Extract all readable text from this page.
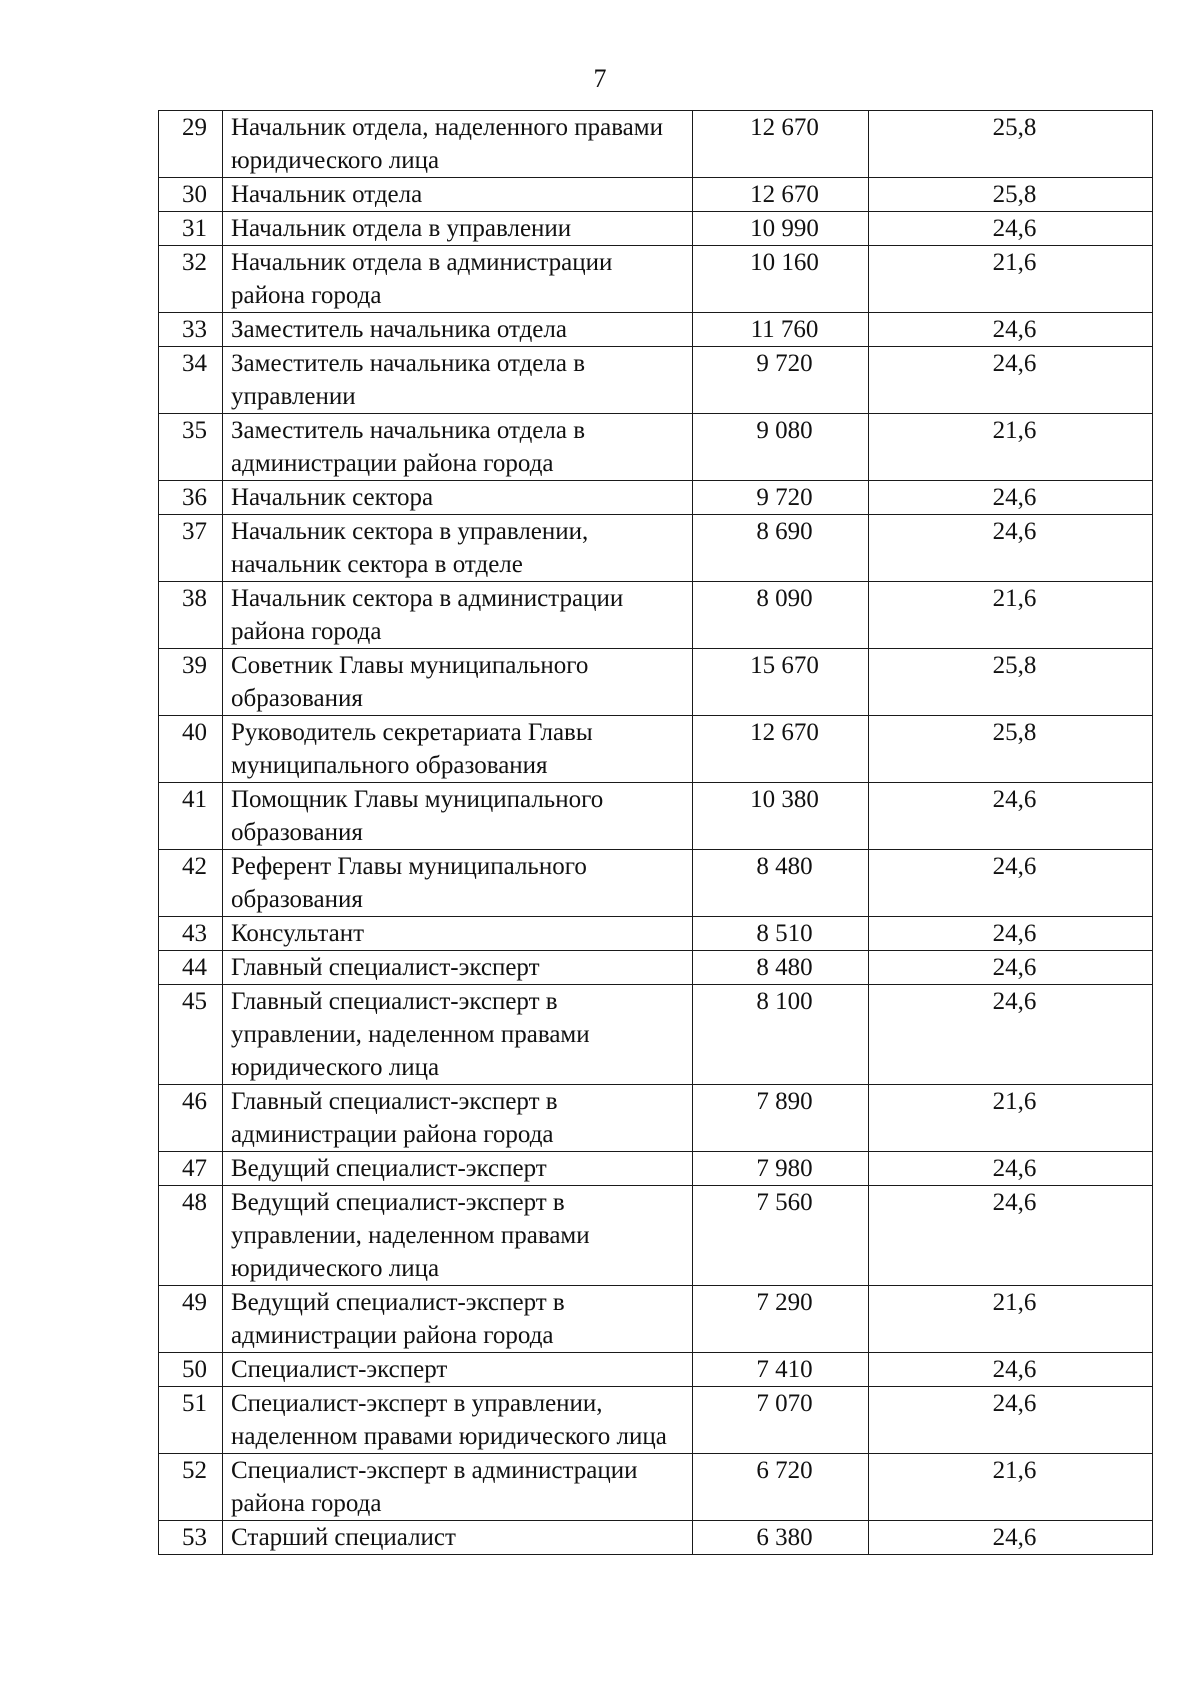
7
29	Начальник отдела, наделенного правами юридического лица	12 670	25,8
30	Начальник отдела	12 670	25,8
31	Начальник отдела в управлении	10 990	24,6
32	Начальник отдела в администрации района города	10 160	21,6
33	Заместитель начальника отдела	11 760	24,6
34	Заместитель начальника отдела в управлении	9 720	24,6
35	Заместитель начальника отдела в администрации района города	9 080	21,6
36	Начальник сектора	9 720	24,6
37	Начальник сектора в управлении, начальник сектора в отделе	8 690	24,6
38	Начальник сектора в администрации района города	8 090	21,6
39	Советник Главы муниципального образования	15 670	25,8
40	Руководитель секретариата Главы муниципального образования	12 670	25,8
41	Помощник Главы муниципального образования	10 380	24,6
42	Референт Главы муниципального образования	8 480	24,6
43	Консультант	8 510	24,6
44	Главный специалист-эксперт	8 480	24,6
45	Главный специалист-эксперт в управлении, наделенном правами юридического лица	8 100	24,6
46	Главный специалист-эксперт в администрации района города	7 890	21,6
47	Ведущий специалист-эксперт	7 980	24,6
48	Ведущий специалист-эксперт в управлении, наделенном правами юридического лица	7 560	24,6
49	Ведущий специалист-эксперт в администрации района города	7 290	21,6
50	Специалист-эксперт	7 410	24,6
51	Специалист-эксперт в управлении, наделенном правами юридического лица	7 070	24,6
52	Специалист-эксперт в администрации района города	6 720	21,6
53	Старший специалист	6 380	24,6
